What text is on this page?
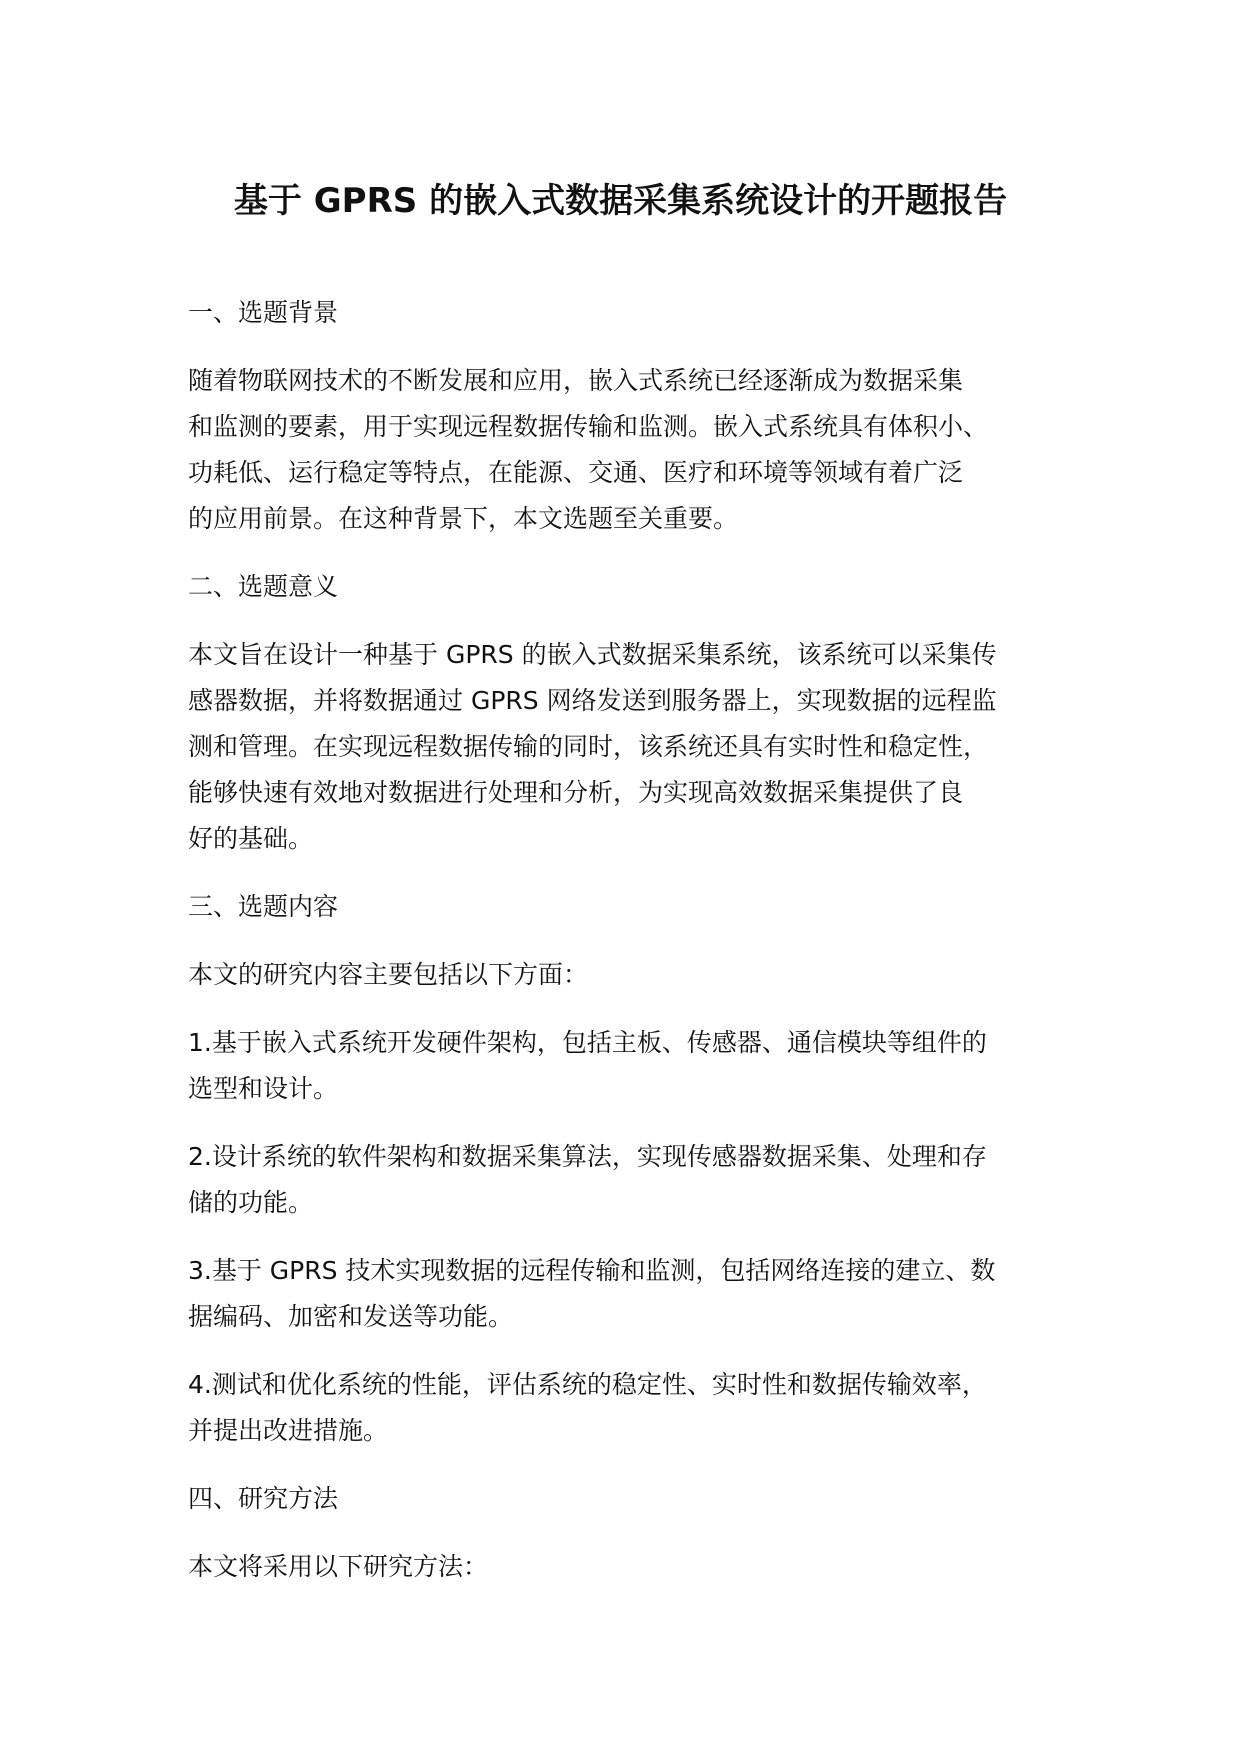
基于 GPRS 的嵌入式数据采集系统设计的开题报告
一、选题背景
随着物联网技术的不断发展和应用，嵌入式系统已经逐渐成为数据采集
和监测的要素，用于实现远程数据传输和监测。嵌入式系统具有体积小、
功耗低、运行稳定等特点，在能源、交通、医疗和环境等领域有着广泛
的应用前景。在这种背景下，本文选题至关重要。
二、选题意义
本文旨在设计一种基于 GPRS 的嵌入式数据采集系统，该系统可以采集传
感器数据，并将数据通过 GPRS 网络发送到服务器上，实现数据的远程监
测和管理。在实现远程数据传输的同时，该系统还具有实时性和稳定性，
能够快速有效地对数据进行处理和分析，为实现高效数据采集提供了良
好的基础。
三、选题内容
本文的研究内容主要包括以下方面：
1.基于嵌入式系统开发硬件架构，包括主板、传感器、通信模块等组件的
选型和设计。
2.设计系统的软件架构和数据采集算法，实现传感器数据采集、处理和存
储的功能。
3.基于 GPRS 技术实现数据的远程传输和监测，包括网络连接的建立、数
据编码、加密和发送等功能。
4.测试和优化系统的性能，评估系统的稳定性、实时性和数据传输效率，
并提出改进措施。
四、研究方法
本文将采用以下研究方法：
